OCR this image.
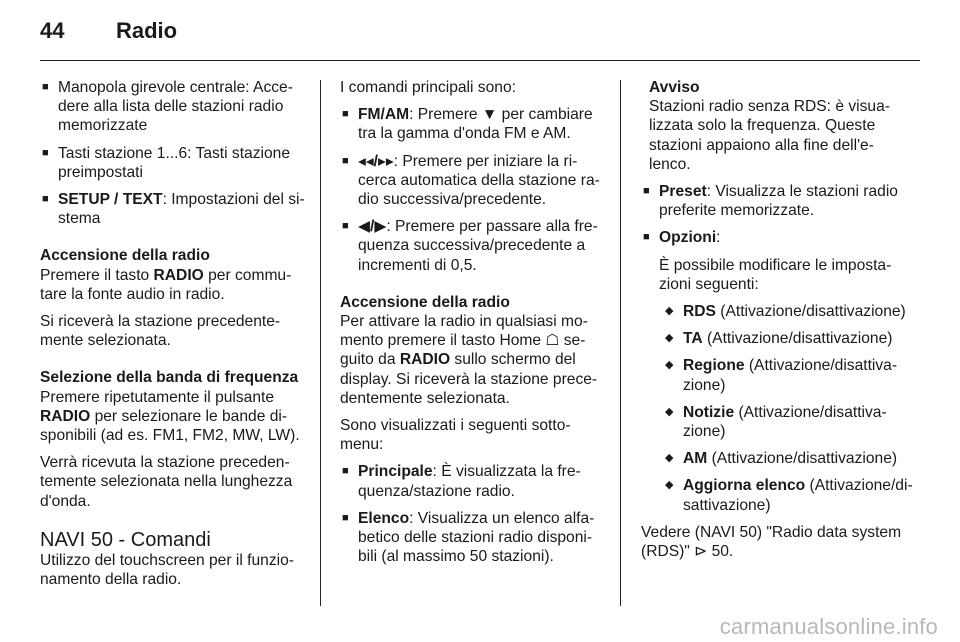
44 Radio
■ Manopola girevole centrale: Acce- dere alla lista delle stazioni radio memorizzate
■ Tasti stazione 1...6: Tasti stazione preimpostati
■ SETUP / TEXT: Impostazioni del si- stema
Accensione della radio

Premere il tasto RADIO per commu- tare la fonte audio in radio.

Si riceverà la stazione precedente- mente selezionata.

Selezione della banda di frequenza

Premere ripetutamente il pulsante RADIO per selezionare le bande di- sponibili (ad es. FM1, FM2, MW, LW).

Verrà ricevuta la stazione preceden- temente selezionata nella lunghezza d'onda.

NAVI 50 - Comandi

Utilizzo del touchscreen per il funzio- namento della radio.

I comandi principali sono:

■ FM/AM: Premere ▼ per cambiare tra la gamma d'onda FM e AM.
■ ◂◂/▸▸: Premere per iniziare la ri- cerca automatica della stazione ra- dio successiva/precedente.
■ ◀/▶: Premere per passare alla fre- quenza successiva/precedente a incrementi di 0,5.
Accensione della radio

Per attivare la radio in qualsiasi mo- mento premere il tasto Home ☖ se- guito da RADIO sullo schermo del display. Si riceverà la stazione prece- dentemente selezionata.

Sono visualizzati i seguenti sotto- menu:

■ Principale: È visualizzata la fre- quenza/stazione radio.
■ Elenco: Visualizza un elenco alfa- betico delle stazioni radio disponi- bili (al massimo 50 stazioni).
Avviso
Stazioni radio senza RDS: è visua- lizzata solo la frequenza. Queste stazioni appaiono alla fine dell'e- lenco.
■ Preset: Visualizza le stazioni radio preferite memorizzate.
■ Opzioni:

È possibile modificare le imposta- zioni seguenti:

◆ RDS (Attivazione/disattivazione)
◆ TA (Attivazione/disattivazione)
◆ Regione (Attivazione/disattiva- zione)
◆ Notizie (Attivazione/disattiva- zione)
◆ AM (Attivazione/disattivazione)
◆ Aggiorna elenco (Attivazione/di- sattivazione)

Vedere (NAVI 50) "Radio data system (RDS)" ⊳ 50.

carmanualsonline.info
